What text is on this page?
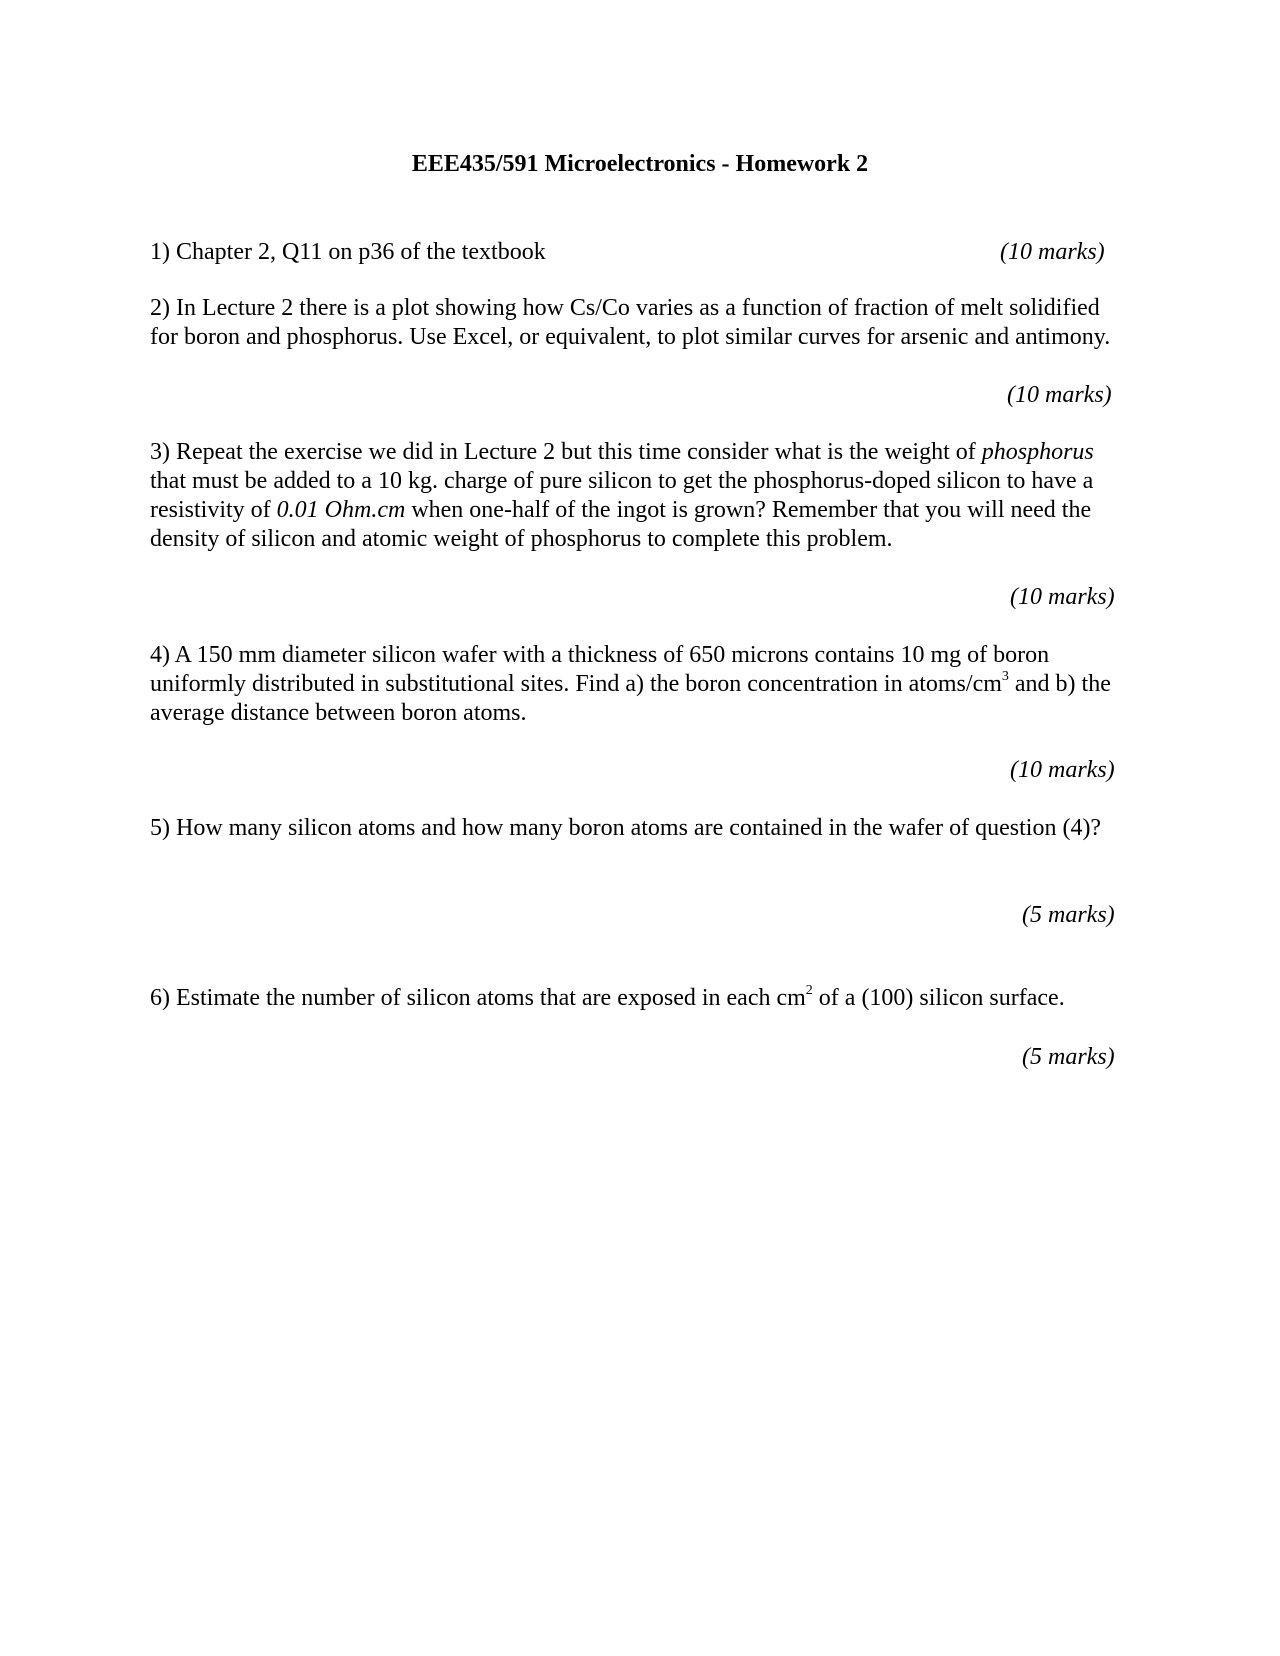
EEE435/591 Microelectronics - Homework 2
1) Chapter 2, Q11 on p36 of the textbook	(10 marks)
2) In Lecture 2 there is a plot showing how Cs/Co varies as a function of fraction of melt solidified for boron and phosphorus. Use Excel, or equivalent, to plot similar curves for arsenic and antimony.
(10 marks)
3) Repeat the exercise we did in Lecture 2 but this time consider what is the weight of phosphorus that must be added to a 10 kg. charge of pure silicon to get the phosphorus-doped silicon to have a resistivity of 0.01 Ohm.cm when one-half of the ingot is grown? Remember that you will need the density of silicon and atomic weight of phosphorus to complete this problem.
(10 marks)
4) A 150 mm diameter silicon wafer with a thickness of 650 microns contains 10 mg of boron uniformly distributed in substitutional sites. Find a) the boron concentration in atoms/$cm^3$ and b) the average distance between boron atoms.
(10 marks)
5) How many silicon atoms and how many boron atoms are contained in the wafer of question (4)?
(5 marks)
6) Estimate the number of silicon atoms that are exposed in each $cm^2$ of a (100) silicon surface.
(5 marks)
